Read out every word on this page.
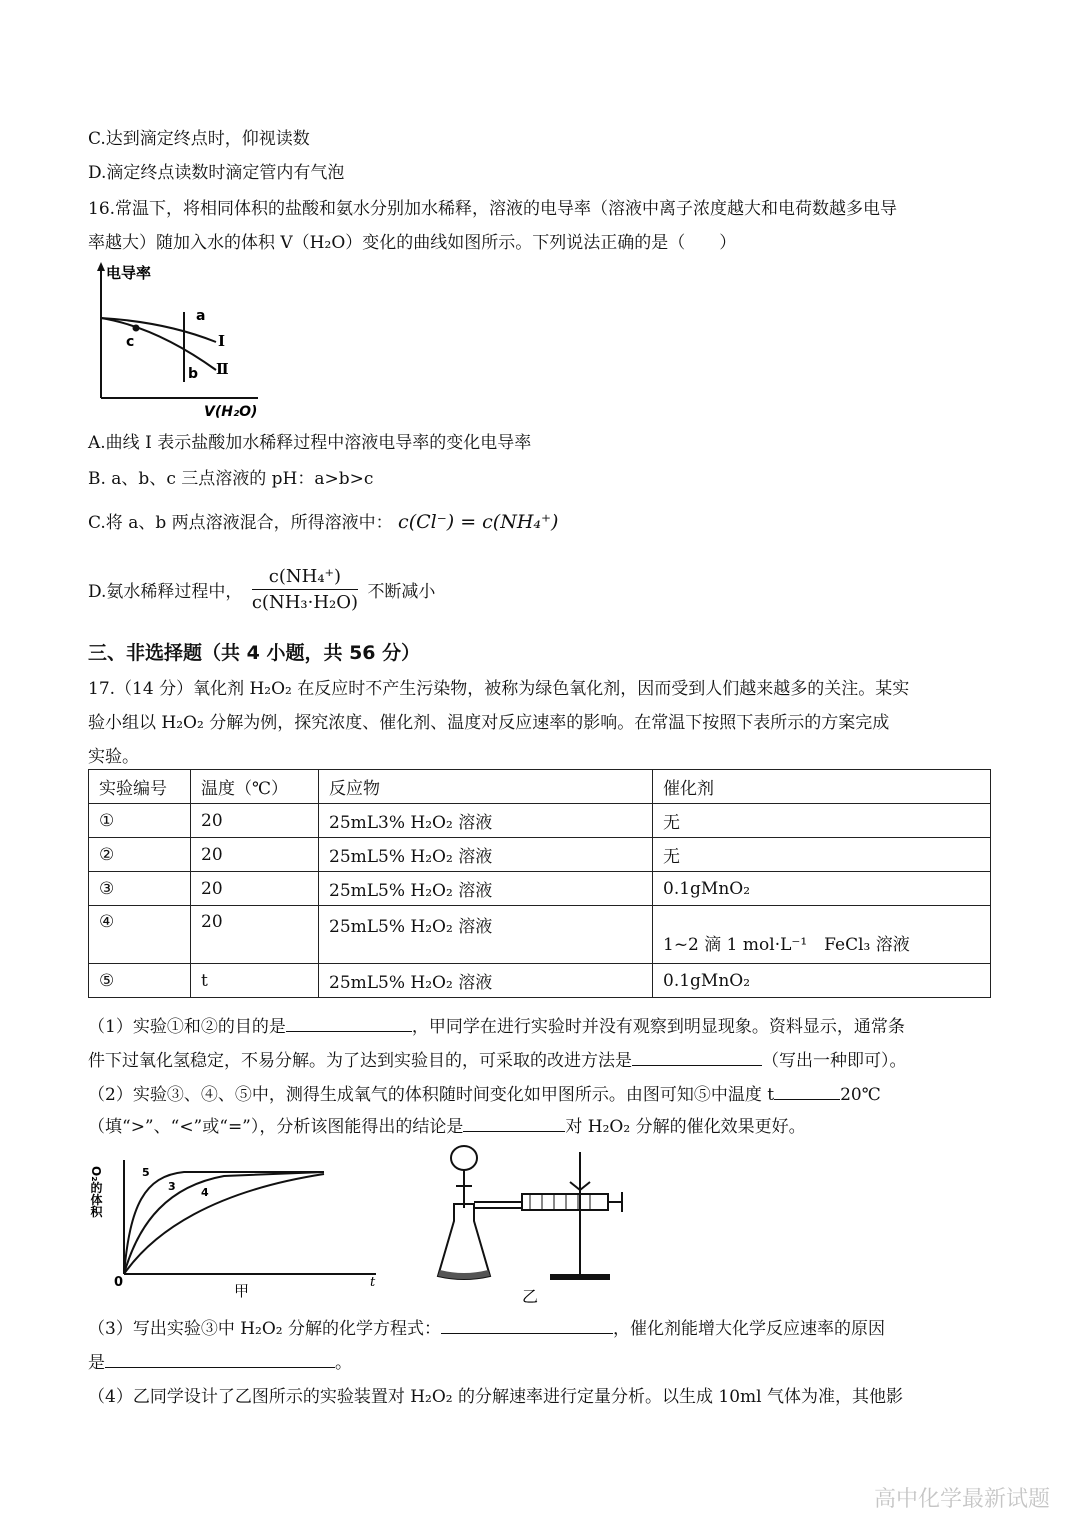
C.达到滴定终点时，仰视读数
D.滴定终点读数时滴定管内有气泡
16.常温下，将相同体积的盐酸和氨水分别加水稀释，溶液的电导率（溶液中离子浓度越大和电荷数越多电导
率越大）随加入水的体积 V（H₂O）变化的曲线如图所示。下列说法正确的是（　　）
电导率
a
c
b
I
Ⅱ
V(H₂O)
A.曲线 I 表示盐酸加水稀释过程中溶液电导率的变化电导率
B. a、b、c 三点溶液的 pH：a>b>c
C.将 a、b 两点溶液混合，所得溶液中： c(Cl⁻) = c(NH₄⁺)
D.氨水稀释过程中， $\frac{\text{c(NH₄⁺)}}{\text{c(NH₃·H₂O)}}$ 不断减小
三、非选择题（共 4 小题，共 56 分）
17.（14 分）氧化剂 H₂O₂ 在反应时不产生污染物，被称为绿色氧化剂，因而受到人们越来越多的关注。某实
验小组以 H₂O₂ 分解为例，探究浓度、催化剂、温度对反应速率的影响。在常温下按照下表所示的方案完成
实验。
实验编号	温度（℃）	反应物	催化剂
①	20	25mL3% H₂O₂ 溶液	无
②	20	25mL5% H₂O₂ 溶液	无
③	20	25mL5% H₂O₂ 溶液	0.1gMnO₂
④	20	25mL5% H₂O₂ 溶液	1~2 滴 1 mol·L⁻¹　FeCl₃ 溶液
⑤	t	25mL5% H₂O₂ 溶液	0.1gMnO₂
（1）实验①和②的目的是	，甲同学在进行实验时并没有观察到明显现象。资料显示，通常条
件下过氧化氢稳定，不易分解。为了达到实验目的，可采取的改进方法是	（写出一种即可）。
（2）实验③、④、⑤中，测得生成氧气的体积随时间变化如甲图所示。由图可知⑤中温度 t	20℃
（填“>”、“<”或“=”），分析该图能得出的结论是	对 H₂O₂ 分解的催化效果更好。
O₂的体积	5
3 4
0	t
甲	乙
（3）写出实验③中 H₂O₂ 分解的化学方程式：	，催化剂能增大化学反应速率的原因
是	。
（4）乙同学设计了乙图所示的实验装置对 H₂O₂ 的分解速率进行定量分析。以生成 10ml 气体为准，其他影
高中化学最新试题
